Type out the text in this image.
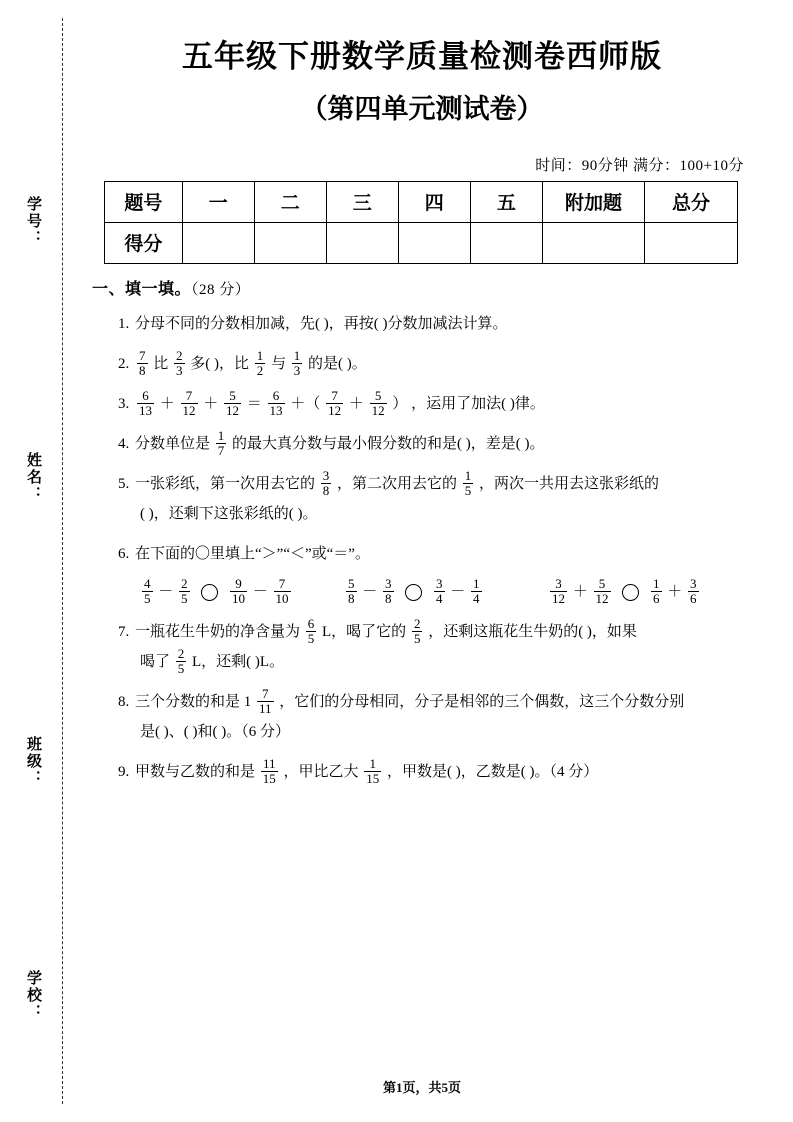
学号：
姓名：
班级：
学校：
五年级下册数学质量检测卷西师版
（第四单元测试卷）
时间：90分钟 满分：100+10分
题号	一	二	三	四	五	附加题	总分
得分							
一、填一填。（28 分）
1. 分母不同的分数相加减，先( )，再按( )分数加减法计算。
2. $\frac{7}{8}$ 比 $\frac{2}{3}$ 多( )，比 $\frac{1}{2}$ 与 $\frac{1}{3}$ 的是( )。
3. $\frac{6}{13} + \frac{7}{12} + \frac{5}{12} = \frac{6}{13}$ ＋（ $\frac{7}{12} + \frac{5}{12}$ ） ，运用了加法( )律。
4. 分数单位是 $\frac{1}{7}$ 的最大真分数与最小假分数的和是( )，差是( )。
5. 一张彩纸，第一次用去它的 $\frac{3}{8}$ ，第二次用去它的 $\frac{1}{5}$ ，两次一共用去这张彩纸的
( )，还剩下这张彩纸的( )。
6. 在下面的〇里填上“＞”“＜”或“＝”。
$\frac{4}{5} - \frac{2}{5}$
	$\frac{9}{10} - \frac{7}{10}$	$\frac{5}{8} - \frac{3}{8}$
	$\frac{3}{4} - \frac{1}{4}$	$\frac{3}{12} + \frac{5}{12}$
	$\frac{1}{6} + \frac{3}{6}$
7. 一瓶花生牛奶的净含量为 $\frac{6}{5}$ L，喝了它的 $\frac{2}{5}$ ，还剩这瓶花生牛奶的( )，如果
喝了 $\frac{2}{5}$ L，还剩( )L。
8. 三个分数的和是 $1 \frac{7}{11}$ ，它们的分母相同，分子是相邻的三个偶数，这三个分数分别
是( )、( )和( )。（6 分）
9. 甲数与乙数的和是 $\frac{11}{15}$ ，甲比乙大 $\frac{1}{15}$ ，甲数是( )，乙数是( )。（4 分）
第1页，共5页
